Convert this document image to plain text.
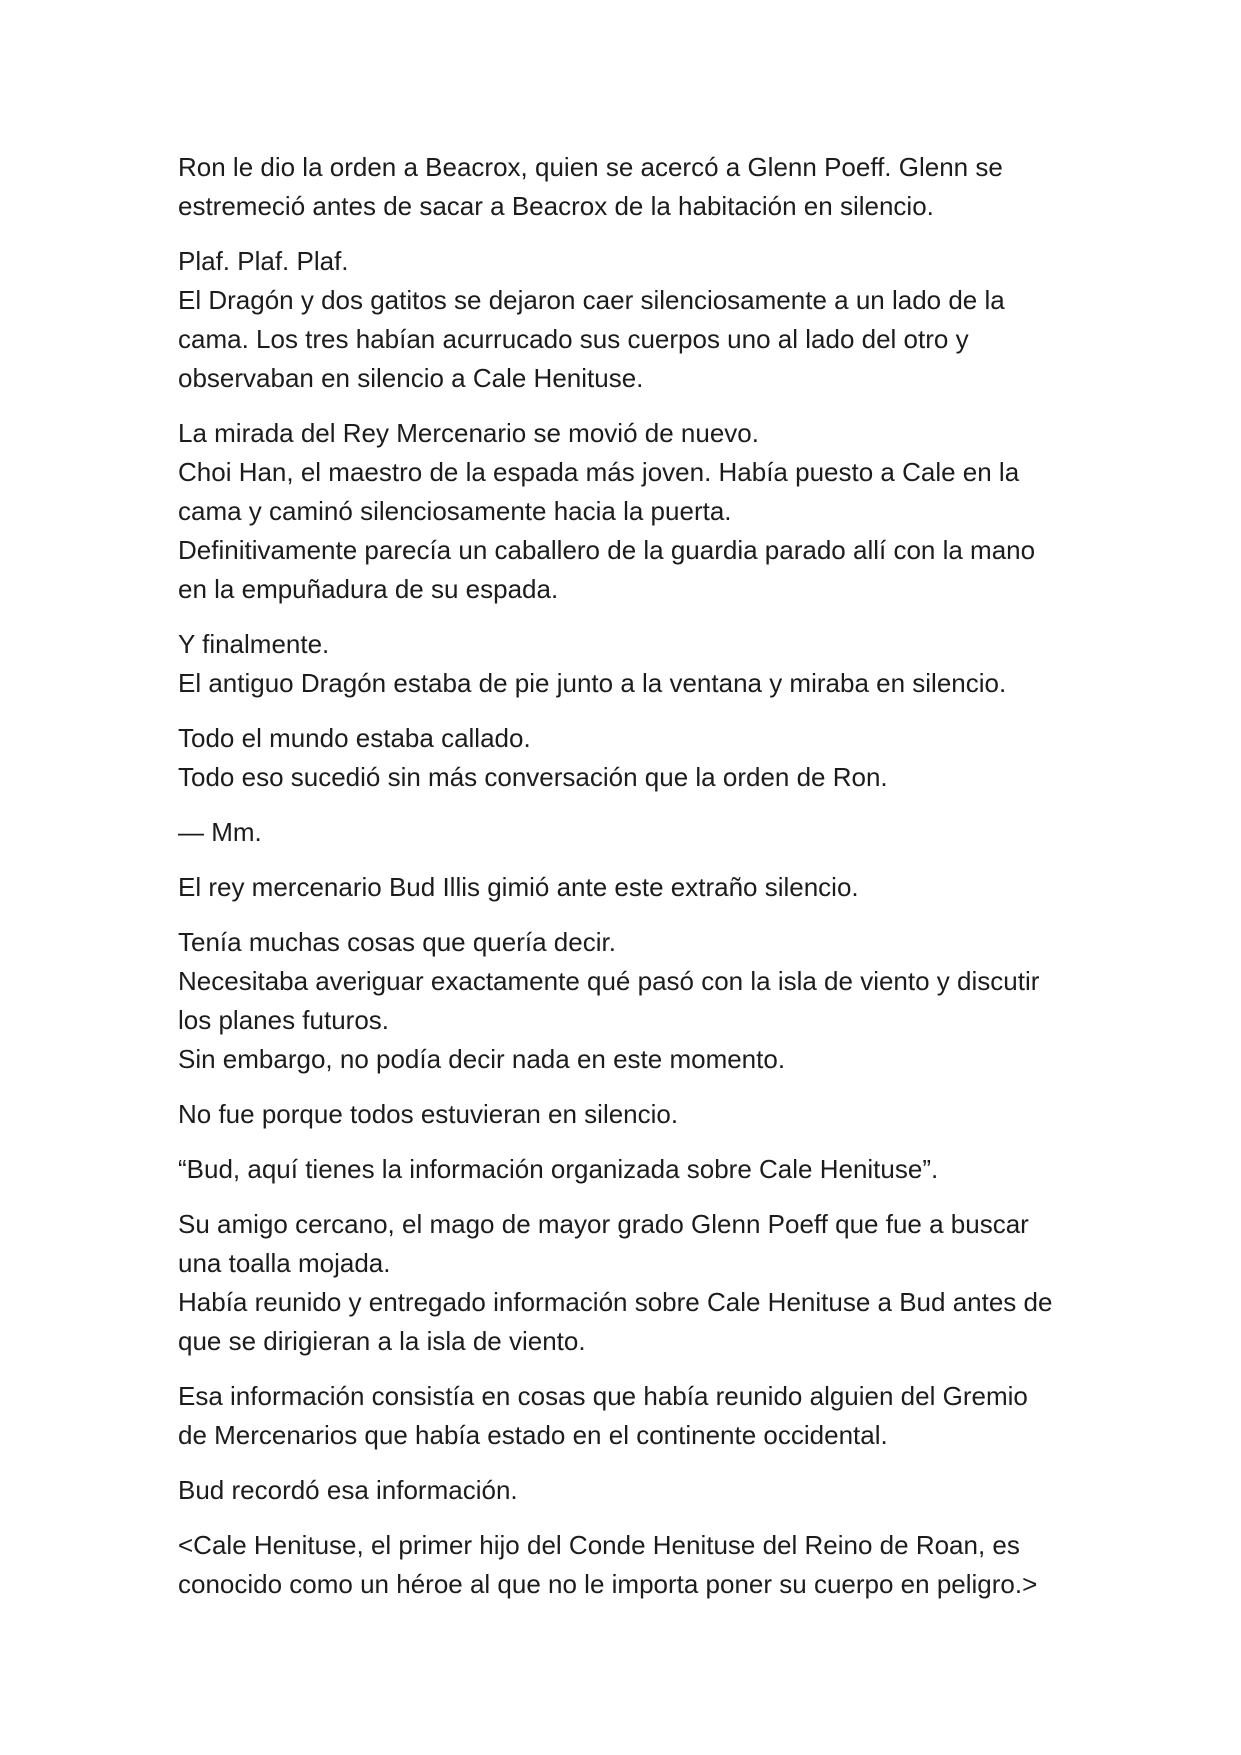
Ron le dio la orden a Beacrox, quien se acercó a Glenn Poeff. Glenn se
estremeció antes de sacar a Beacrox de la habitación en silencio.

Plaf. Plaf. Plaf.
El Dragón y dos gatitos se dejaron caer silenciosamente a un lado de la
cama. Los tres habían acurrucado sus cuerpos uno al lado del otro y
observaban en silencio a Cale Henituse.

La mirada del Rey Mercenario se movió de nuevo.
Choi Han, el maestro de la espada más joven. Había puesto a Cale en la
cama y caminó silenciosamente hacia la puerta.
Definitivamente parecía un caballero de la guardia parado allí con la mano
en la empuñadura de su espada.

Y finalmente.
El antiguo Dragón estaba de pie junto a la ventana y miraba en silencio.

Todo el mundo estaba callado.
Todo eso sucedió sin más conversación que la orden de Ron.

— Mm.

El rey mercenario Bud Illis gimió ante este extraño silencio.

Tenía muchas cosas que quería decir.
Necesitaba averiguar exactamente qué pasó con la isla de viento y discutir
los planes futuros.
Sin embargo, no podía decir nada en este momento.

No fue porque todos estuvieran en silencio.

“Bud, aquí tienes la información organizada sobre Cale Henituse”.

Su amigo cercano, el mago de mayor grado Glenn Poeff que fue a buscar
una toalla mojada.
Había reunido y entregado información sobre Cale Henituse a Bud antes de
que se dirigieran a la isla de viento.

Esa información consistía en cosas que había reunido alguien del Gremio
de Mercenarios que había estado en el continente occidental.

Bud recordó esa información.

<Cale Henituse, el primer hijo del Conde Henituse del Reino de Roan, es
conocido como un héroe al que no le importa poner su cuerpo en peligro.>
